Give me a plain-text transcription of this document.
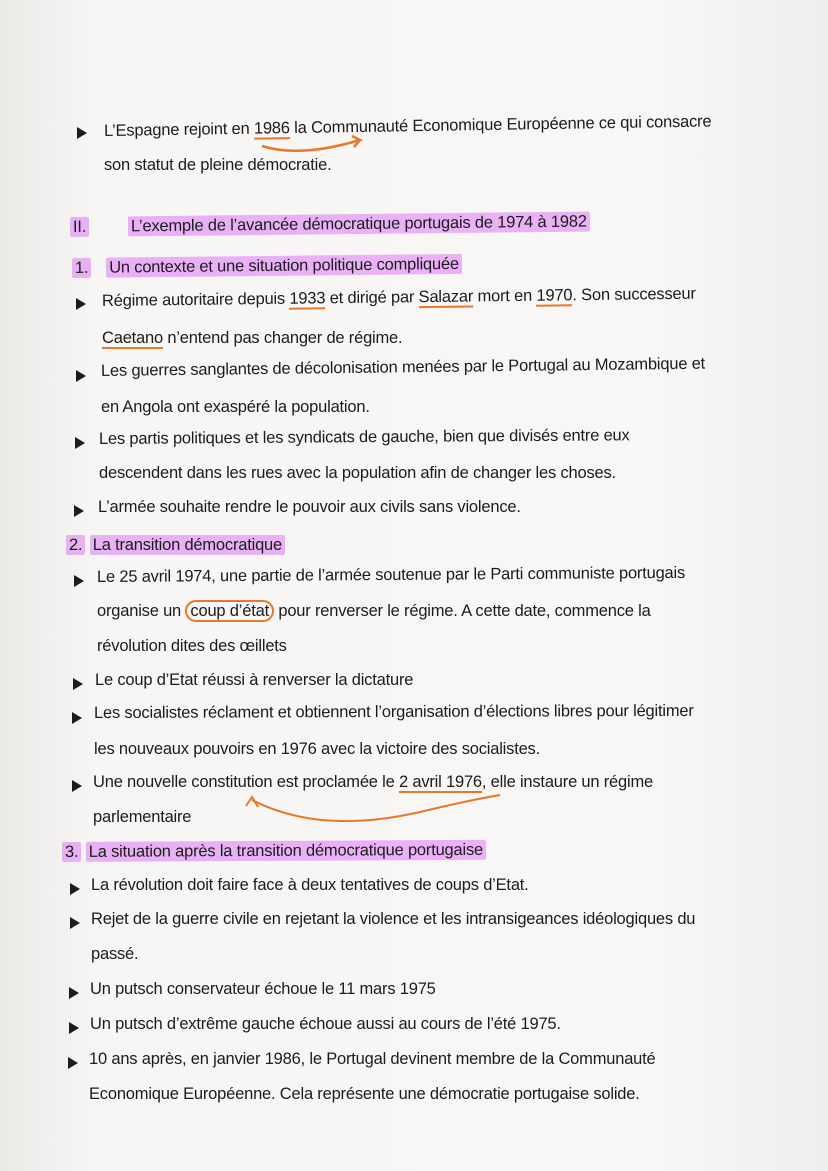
·
L’Espagne rejoint en 1986 la Communauté Economique Européenne ce qui consacre
son statut de pleine démocratie.
II.	L’exemple de l’avancée démocratique portugais de 1974 à 1982
1. Un contexte et une situation politique compliquée
Régime autoritaire depuis 1933 et dirigé par Salazar mort en 1970. Son successeur
Caetano n’entend pas changer de régime.
Les guerres sanglantes de décolonisation menées par le Portugal au Mozambique et
en Angola ont exaspéré la population.
Les partis politiques et les syndicats de gauche, bien que divisés entre eux
descendent dans les rues avec la population afin de changer les choses.
L’armée souhaite rendre le pouvoir aux civils sans violence.
2. La transition démocratique
Le 25 avril 1974, une partie de l’armée soutenue par le Parti communiste portugais
organise un coup d’état pour renverser le régime. A cette date, commence la
révolution dites des œillets
Le coup d’Etat réussi à renverser la dictature
Les socialistes réclament et obtiennent l’organisation d’élections libres pour légitimer
les nouveaux pouvoirs en 1976 avec la victoire des socialistes.
Une nouvelle constitution est proclamée le 2 avril 1976, elle instaure un régime
parlementaire
3. La situation après la transition démocratique portugaise
La révolution doit faire face à deux tentatives de coups d’Etat.
Rejet de la guerre civile en rejetant la violence et les intransigeances idéologiques du
passé.
Un putsch conservateur échoue le 11 mars 1975
Un putsch d’extrême gauche échoue aussi au cours de l’été 1975.
10 ans après, en janvier 1986, le Portugal devinent membre de la Communauté
Economique Européenne. Cela représente une démocratie portugaise solide.
